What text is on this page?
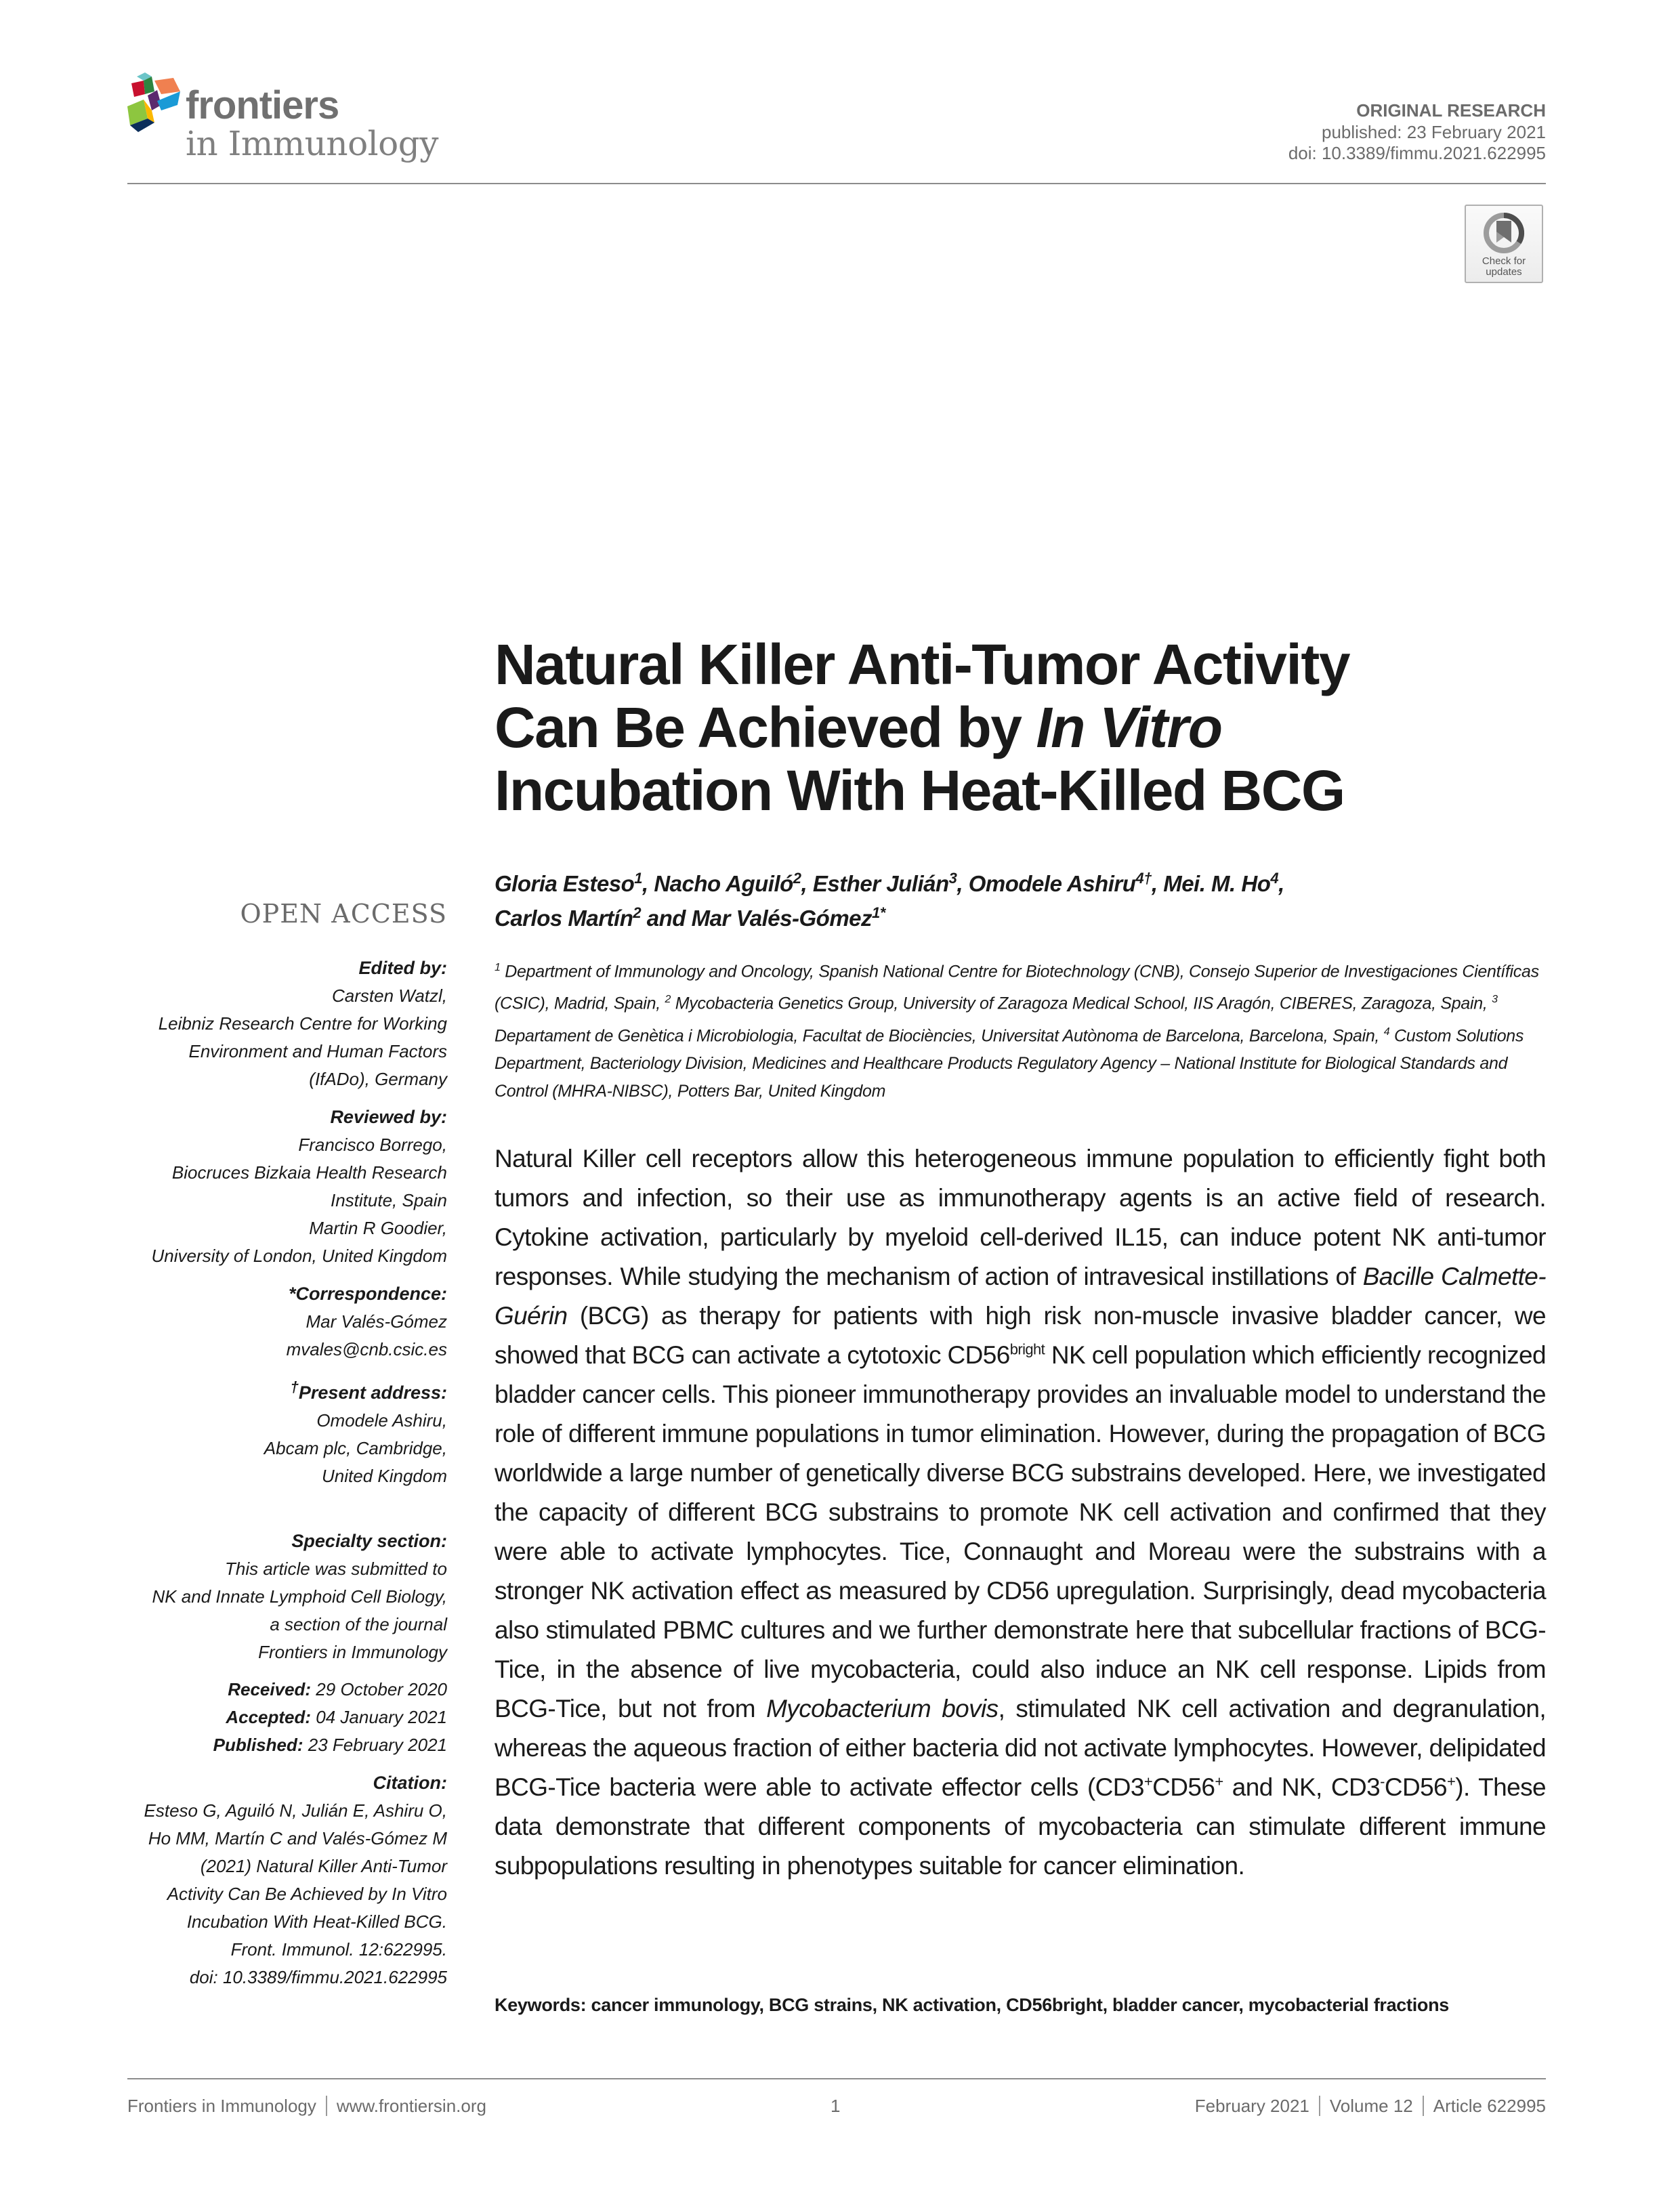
frontiers
in Immunology
ORIGINAL RESEARCH
published: 23 February 2021
doi: 10.3389/fimmu.2021.622995
Check for
updates
Natural Killer Anti-Tumor Activity
Can Be Achieved by In Vitro
Incubation With Heat-Killed BCG
Gloria Esteso$^1$, Nacho Aguiló$^2$, Esther Julián$^3$, Omodele Ashiru$^{4\dagger}$, Mei. M. Ho$^4$,
Carlos Martín$^2$ and Mar Valés-Gómez$^{1*}$
$^1$ Department of Immunology and Oncology, Spanish National Centre for Biotechnology (CNB), Consejo Superior de Investigaciones Científicas (CSIC), Madrid, Spain, $^2$ Mycobacteria Genetics Group, University of Zaragoza Medical School, IIS Aragón, CIBERES, Zaragoza, Spain, $^3$ Departament de Genètica i Microbiologia, Facultat de Biociències, Universitat Autònoma de Barcelona, Barcelona, Spain, $^4$ Custom Solutions Department, Bacteriology Division, Medicines and Healthcare Products Regulatory Agency – National Institute for Biological Standards and Control (MHRA-NIBSC), Potters Bar, United Kingdom

Natural Killer cell receptors allow this heterogeneous immune population to efficiently fight both tumors and infection, so their use as immunotherapy agents is an active field of research. Cytokine activation, particularly by myeloid cell-derived IL15, can induce potent NK anti-tumor responses. While studying the mechanism of action of intravesical instillations of Bacille Calmette-Guérin (BCG) as therapy for patients with high risk non-muscle invasive bladder cancer, we showed that BCG can activate a cytotoxic $CD56^{bright}$ NK cell population which efficiently recognized bladder cancer cells. This pioneer immunotherapy provides an invaluable model to understand the role of different immune populations in tumor elimination. However, during the propagation of BCG worldwide a large number of genetically diverse BCG substrains developed. Here, we investigated the capacity of different BCG substrains to promote NK cell activation and confirmed that they were able to activate lymphocytes. Tice, Connaught and Moreau were the substrains with a stronger NK activation effect as measured by CD56 upregulation. Surprisingly, dead mycobacteria also stimulated PBMC cultures and we further demonstrate here that subcellular fractions of BCG-Tice, in the absence of live mycobacteria, could also induce an NK cell response. Lipids from BCG-Tice, but not from Mycobacterium bovis, stimulated NK cell activation and degranulation, whereas the aqueous fraction of either bacteria did not activate lymphocytes. However, delipidated BCG-Tice bacteria were able to activate effector cells (CD3+CD56+ and NK, CD3-CD56+). These data demonstrate that different components of mycobacteria can stimulate different immune subpopulations resulting in phenotypes suitable for cancer elimination.

Keywords: cancer immunology, BCG strains, NK activation, CD56bright, bladder cancer, mycobacterial fractions
OPEN ACCESS
Edited by:
Carsten Watzl,
Leibniz Research Centre for Working
Environment and Human Factors
(IfADo), Germany
Reviewed by:
Francisco Borrego,
Biocruces Bizkaia Health Research
Institute, Spain
Martin R Goodier,
University of London, United Kingdom
*Correspondence:
Mar Valés-Gómez
mvales@cnb.csic.es
†Present address:
Omodele Ashiru,
Abcam plc, Cambridge,
United Kingdom
Specialty section:
This article was submitted to
NK and Innate Lymphoid Cell Biology,
a section of the journal
Frontiers in Immunology
Received: 29 October 2020
Accepted: 04 January 2021
Published: 23 February 2021
Citation:
Esteso G, Aguiló N, Julián E, Ashiru O,
Ho MM, Martín C and Valés-Gómez M
(2021) Natural Killer Anti-Tumor
Activity Can Be Achieved by In Vitro
Incubation With Heat-Killed BCG.
Front. Immunol. 12:622995.
doi: 10.3389/fimmu.2021.622995
Frontiers in Immunology www.frontiersin.org	1	February 2021 Volume 12 Article 622995
